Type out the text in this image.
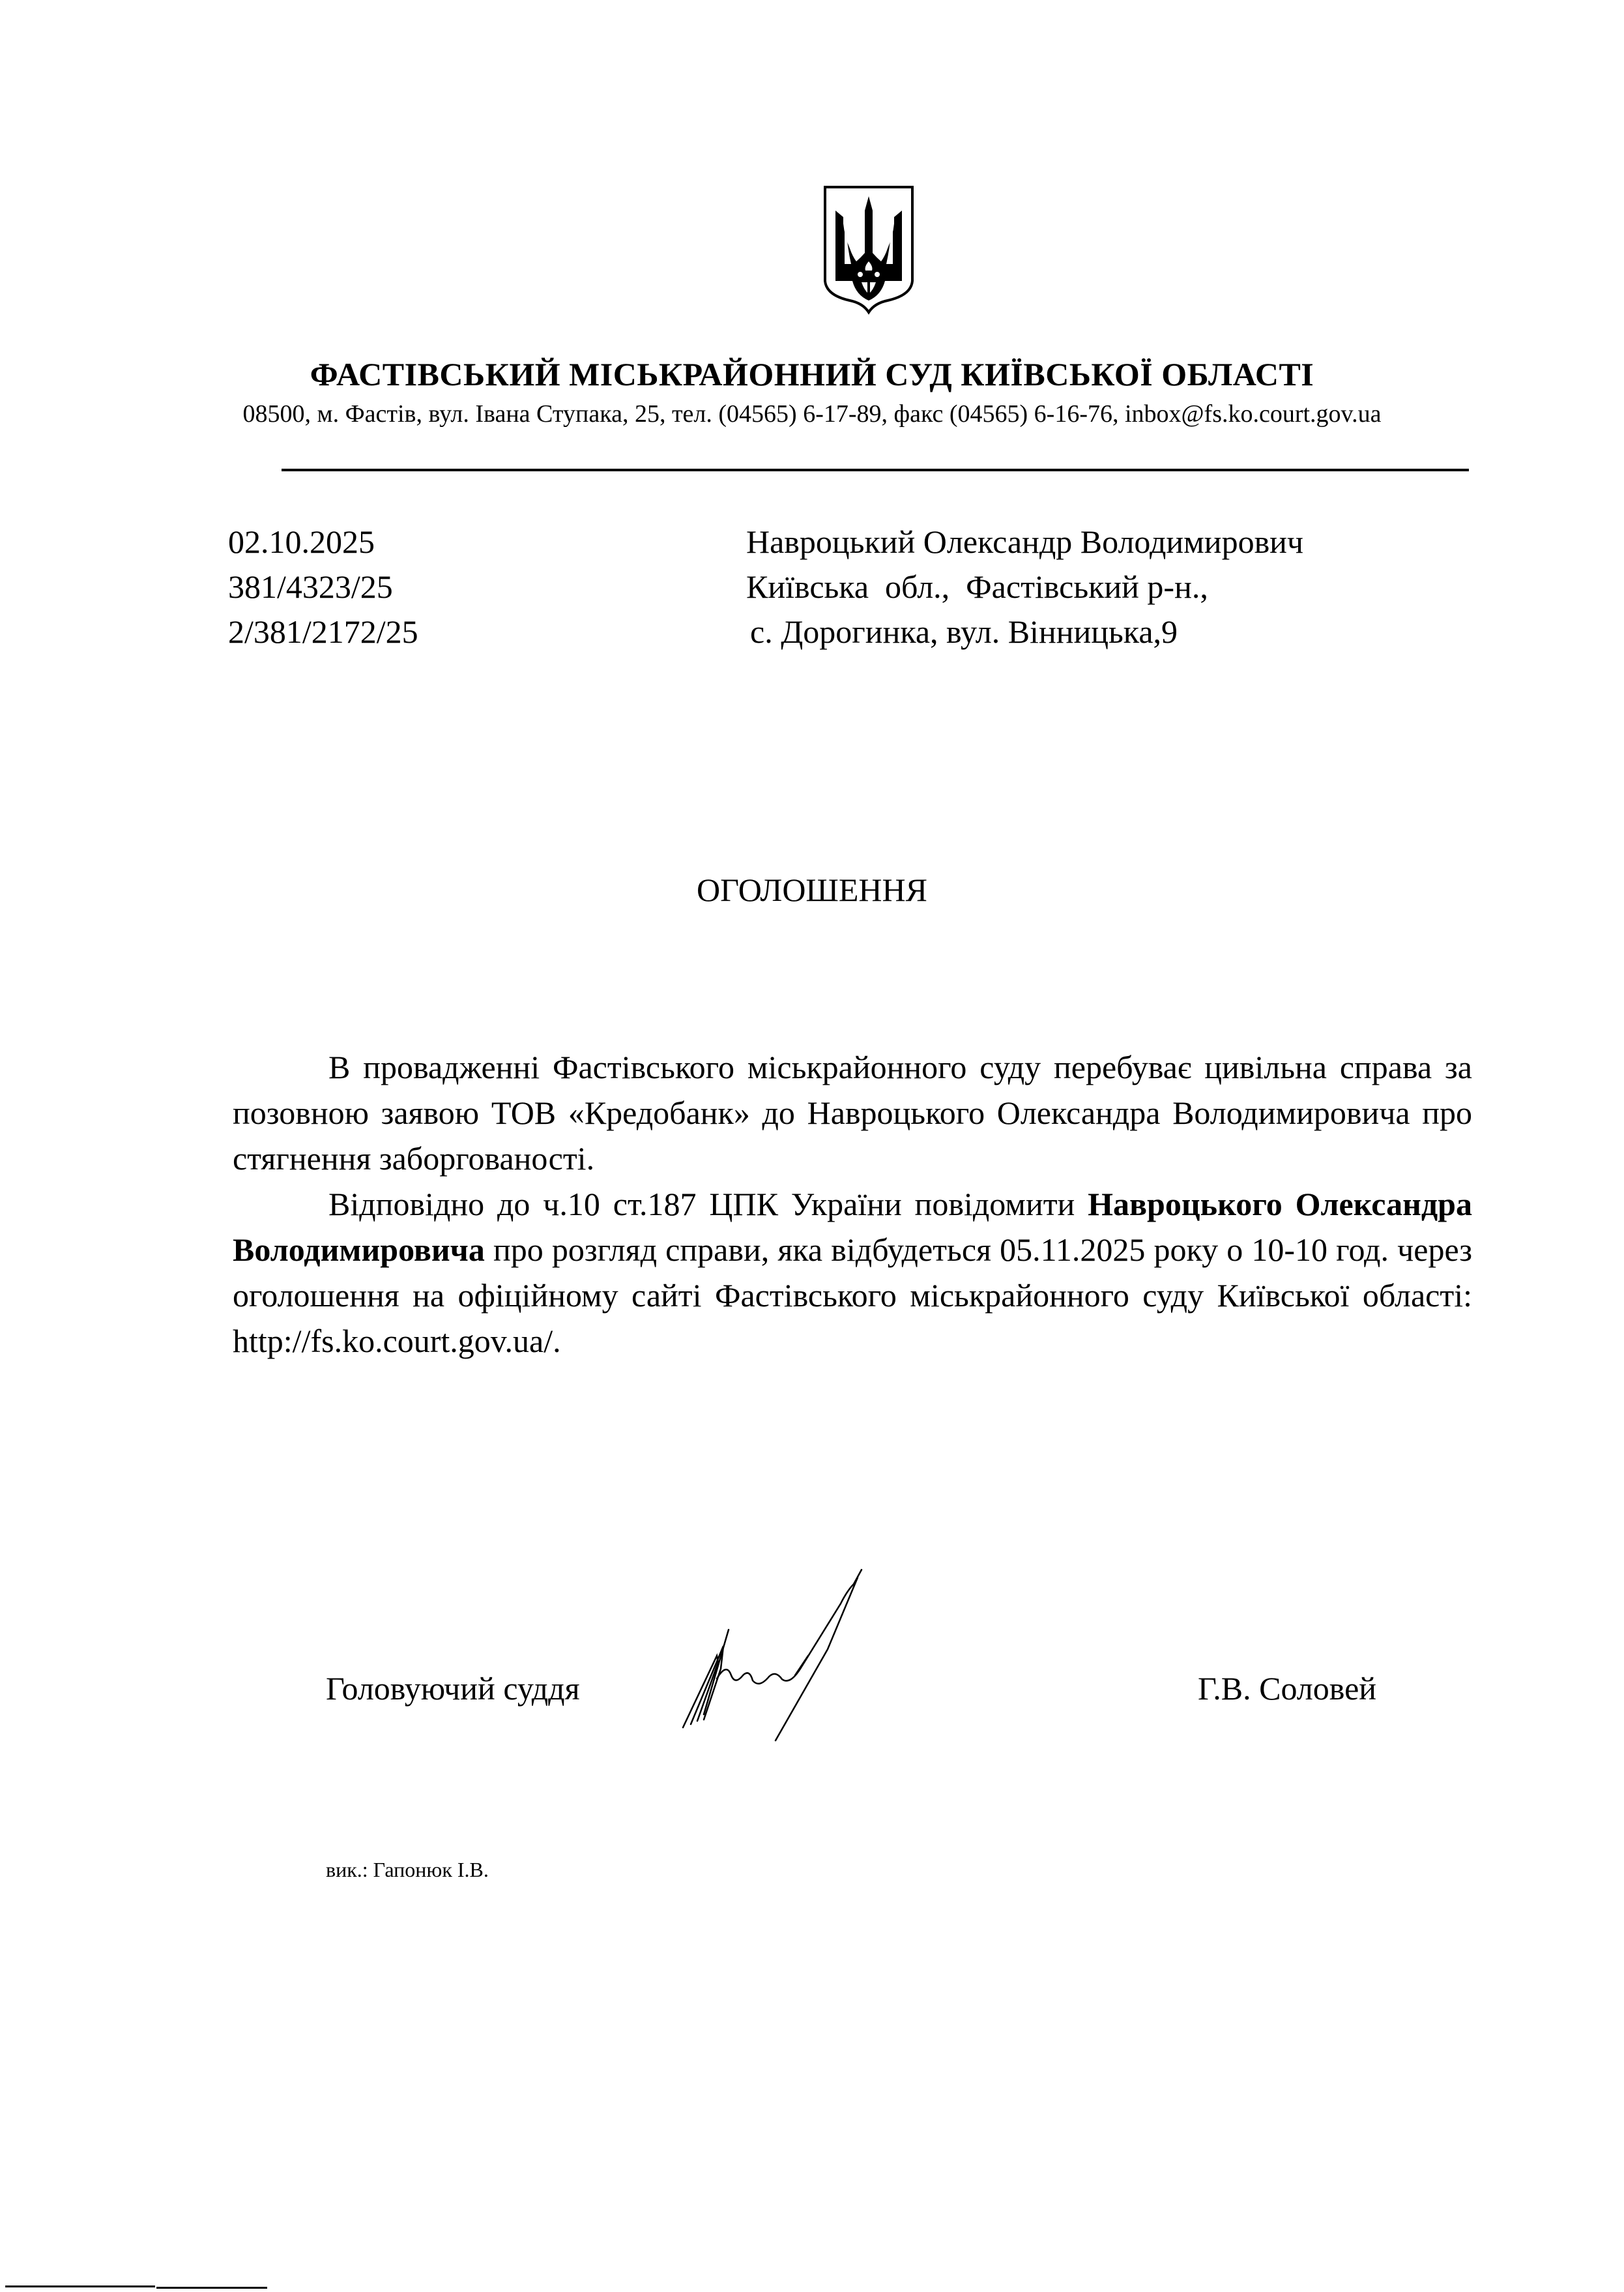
ФАСТІВСЬКИЙ МІСЬКРАЙОННИЙ СУД КИЇВСЬКОЇ ОБЛАСТІ
08500, м. Фастів, вул. Івана Ступака, 25, тел. (04565) 6-17-89, факс (04565) 6-16-76, inbox@fs.ko.court.gov.ua
02.10.2025
381/4323/25
2/381/2172/25
Навроцький Олександр Володимирович
Київська  обл.,  Фастівський р-н.,
с. Дорогинка, вул. Вінницька,9
ОГОЛОШЕННЯ

В провадженні Фастівського міськрайонного суду перебуває цивільна справа за позовною заявою ТОВ «Кредобанк» до Навроцького Олександра Володимировича про стягнення заборгованості.

Відповідно до ч.10 ст.187 ЦПК України повідомити Навроцького Олександра Володимировича про розгляд справи, яка відбудеться 05.11.2025 року о 10-10 год. через оголошення на офіційному сайті Фастівського міськрайонного суду Київської області: http://fs.ko.court.gov.ua/.

Головуючий суддя	Г.В. Соловей
вик.: Гапонюк І.В.
